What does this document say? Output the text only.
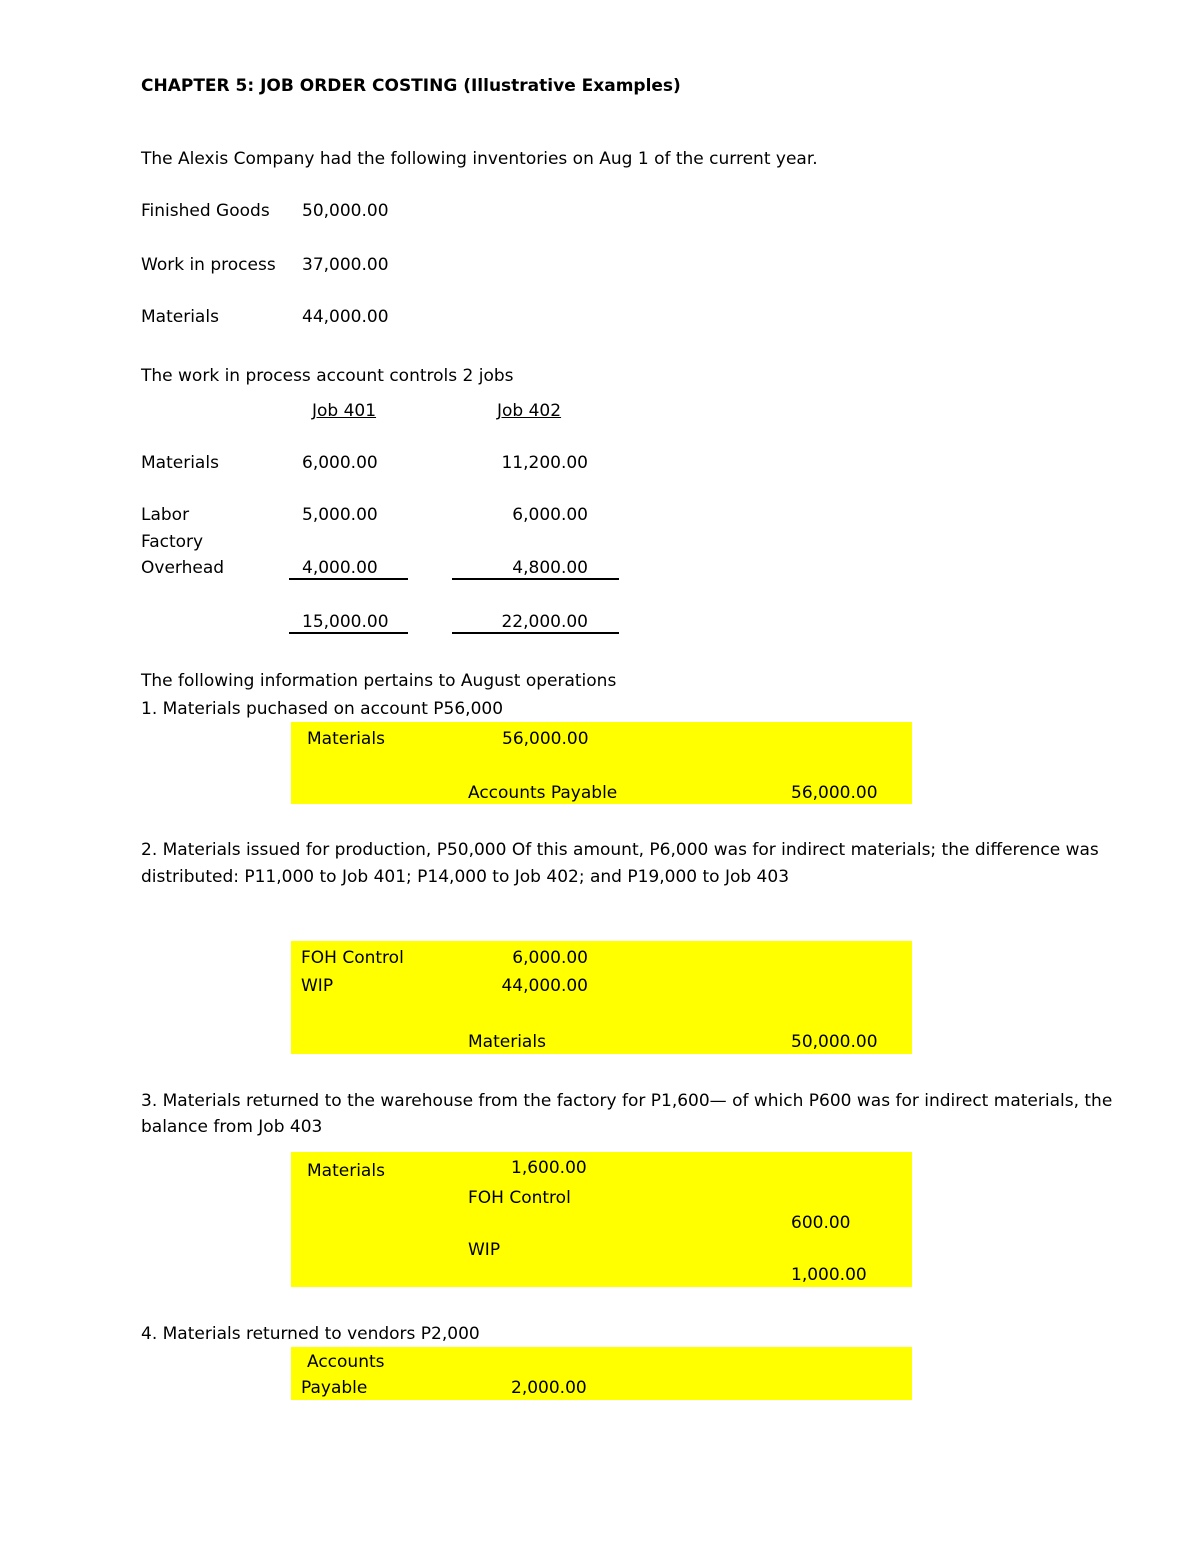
CHAPTER 5: JOB ORDER COSTING (Illustrative Examples)
The Alexis Company had the following inventories on Aug 1 of the current year.
Finished Goods 50,000.00
Work in process 37,000.00
Materials	44,000.00
The work in process account controls 2 jobs
Job 401	Job 402
Materials	6,000.00	11,200.00
Labor	5,000.00	6,000.00
Factory
Overhead	4,000.00	4,800.00
15,000.00	22,000.00
The following information pertains to August operations
1. Materials puchased on account P56,000
Materials	56,000.00
Accounts Payable	56,000.00
2. Materials issued for production, P50,000 Of this amount, P6,000 was for indirect materials; the difference was distributed: P11,000 to Job 401; P14,000 to Job 402; and P19,000 to Job 403
FOH Control	6,000.00
WIP	44,000.00
Materials	50,000.00
3. Materials returned to the warehouse from the factory for P1,600— of which P600 was for indirect materials, the balance from Job 403
Materials	1,600.00
FOH Control
600.00
WIP
1,000.00
4. Materials returned to vendors P2,000
Accounts
Payable	2,000.00
